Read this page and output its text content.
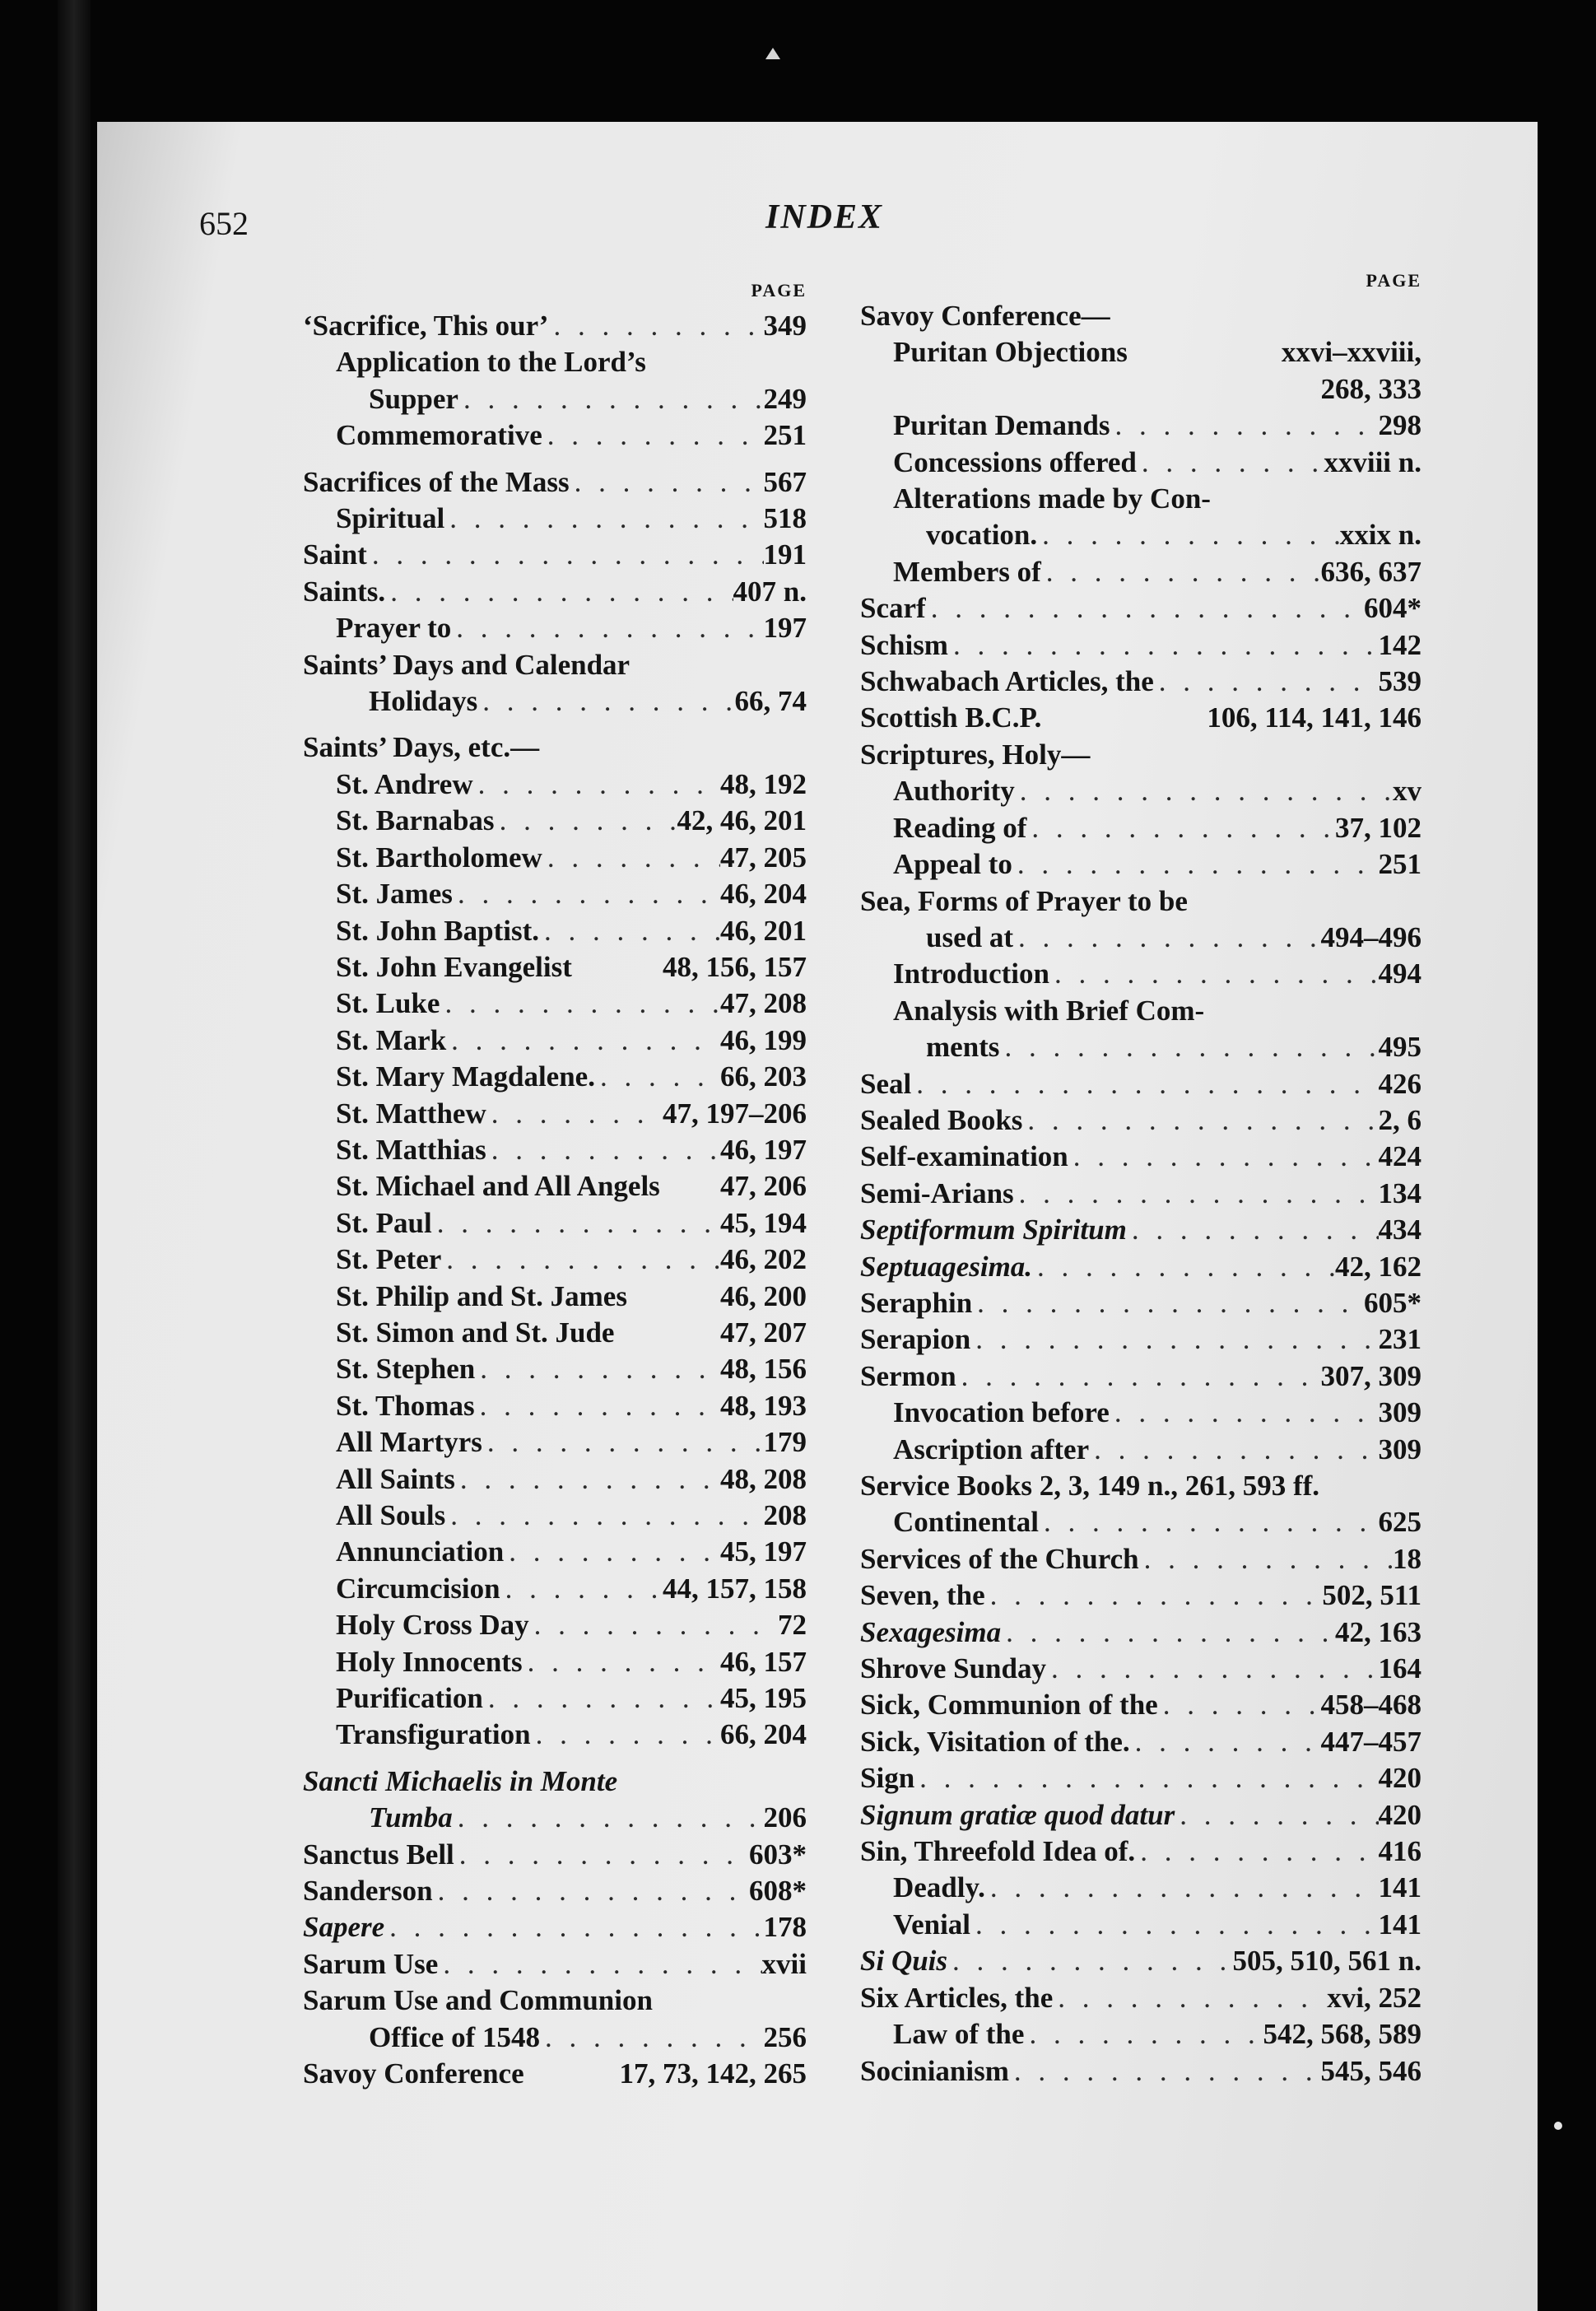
652	INDEX
PAGE
‘Sacrifice, This our’ . . .	349
Application to the Lord’s
Supper . . .	249
Commemorative . . .	251
Sacrifices of the Mass . . .	567
Spiritual . . .	518
Saint . . .	191
Saints. . . .	407 n.
Prayer to . . .	197
Saints’ Days and Calendar
Holidays . . .	66, 74
Saints’ Days, etc.—
St. Andrew . . .	48, 192
St. Barnabas . . .	42, 46, 201
St. Bartholomew . . .	47, 205
St. James . . .	46, 204
St. John Baptist. . . .	46, 201
St. John Evangelist	48, 156, 157
St. Luke . . .	47, 208
St. Mark . . .	46, 199
St. Mary Magdalene. . . .	66, 203
St. Matthew . . .	47, 197–206
St. Matthias . . .	46, 197
St. Michael and All Angels 47, 206
St. Paul . . .	45, 194
St. Peter . . .	46, 202
St. Philip and St. James	46, 200
St. Simon and St. Jude	47, 207
St. Stephen . . .	48, 156
St. Thomas . . .	48, 193
All Martyrs . . .	179
All Saints . . .	48, 208
All Souls . . .	208
Annunciation . . .	45, 197
Circumcision . . .	44, 157, 158
Holy Cross Day . . .	72
Holy Innocents . . .	46, 157
Purification . . .	45, 195
Transfiguration . . .	66, 204
Sancti Michaelis in Monte
Tumba . . .	206
Sanctus Bell . . .	603*
Sanderson . . .	608*
Sapere . . .	178
Sarum Use . . .	xvii
Sarum Use and Communion
Office of 1548 . . .	256
Savoy Conference	17, 73, 142, 265
PAGE
Savoy Conference—
Puritan Objections	xxvi–xxviii,
268, 333
Puritan Demands . . .	298
Concessions offered . . .	xxviii n.
Alterations made by Con-
vocation. . . .	xxix n.
Members of . . .	636, 637
Scarf . . .	604*
Schism . . .	142
Schwabach Articles, the . . .	539
Scottish B.C.P.	106, 114, 141, 146
Scriptures, Holy—
Authority . . .	xv
Reading of . . .	37, 102
Appeal to . . .	251
Sea, Forms of Prayer to be
used at . . .	494–496
Introduction . . .	494
Analysis with Brief Com-
ments . . .	495
Seal . . .	426
Sealed Books . . .	2, 6
Self-examination . . .	424
Semi-Arians . . .	134
Septiformum Spiritum . . .	434
Septuagesima. . . .	42, 162
Seraphin . . .	605*
Serapion . . .	231
Sermon . . .	307, 309
Invocation before . . .	309
Ascription after . . .	309
Service Books 2, 3, 149 n., 261, 593 ff.
Continental . . .	625
Services of the Church . . .	18
Seven, the . . .	502, 511
Sexagesima . . .	42, 163
Shrove Sunday . . .	164
Sick, Communion of the . . .	458–468
Sick, Visitation of the. . . .	447–457
Sign . . .	420
Signum gratiæ quod datur . . .	420
Sin, Threefold Idea of. . . .	416
Deadly. . . .	141
Venial . . .	141
Si Quis . . .	505, 510, 561 n.
Six Articles, the . . .	xvi, 252
Law of the . . .	542, 568, 589
Socinianism . . .	545, 546
